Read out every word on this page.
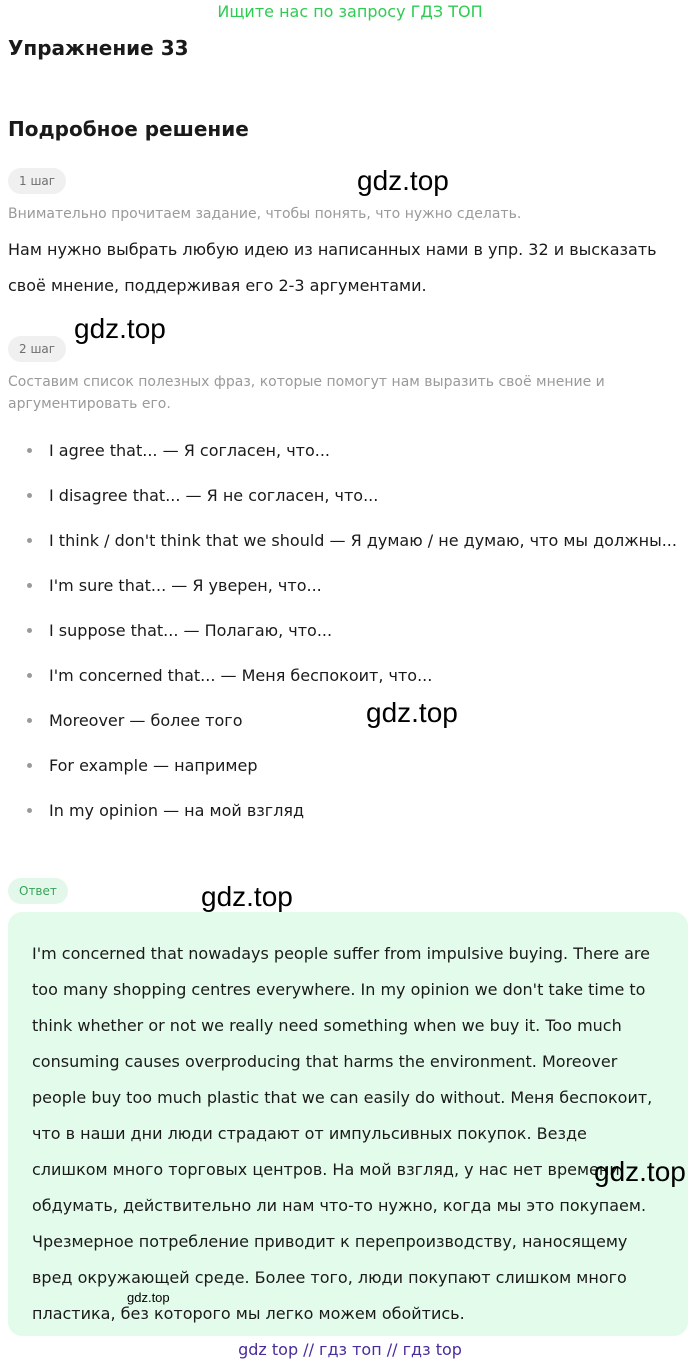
Ищите нас по запросу ГДЗ ТОП
Упражнение 33
Подробное решение
1 шаг

Внимательно прочитаем задание, чтобы понять, что нужно сделать.

Нам нужно выбрать любую идею из написанных нами в упр. 32 и высказать своё мнение, поддерживая его 2-3 аргументами.

2 шаг

Составим список полезных фраз, которые помогут нам выразить своё мнение и аргументировать его.

I agree that... — Я согласен, что...
I disagree that... — Я не согласен, что...
I think / don't think that we should — Я думаю / не думаю, что мы должны...
I'm sure that... — Я уверен, что...
I suppose that... — Полагаю, что...
I'm concerned that... — Меня беспокоит, что...
Moreover — более того
For example — например
In my opinion — на мой взгляд
Ответ

I'm concerned that nowadays people suffer from impulsive buying. There are too many shopping centres everywhere. In my opinion we don't take time to think whether or not we really need something when we buy it. Too much consuming causes overproducing that harms the environment. Moreover people buy too much plastic that we can easily do without. Меня беспокоит, что в наши дни люди страдают от импульсивных покупок. Везде слишком много торговых центров. На мой взгляд, у нас нет времени обдумать, действительно ли нам что-то нужно, когда мы это покупаем. Чрезмерное потребление приводит к перепроизводству, наносящему вред окружающей среде. Более того, люди покупают слишком много пластика, без которого мы легко можем обойтись.

gdz.top
gdz.top
gdz.top
gdz.top
gdz.top
gdz.top
gdz top // гдз топ // гдз top
